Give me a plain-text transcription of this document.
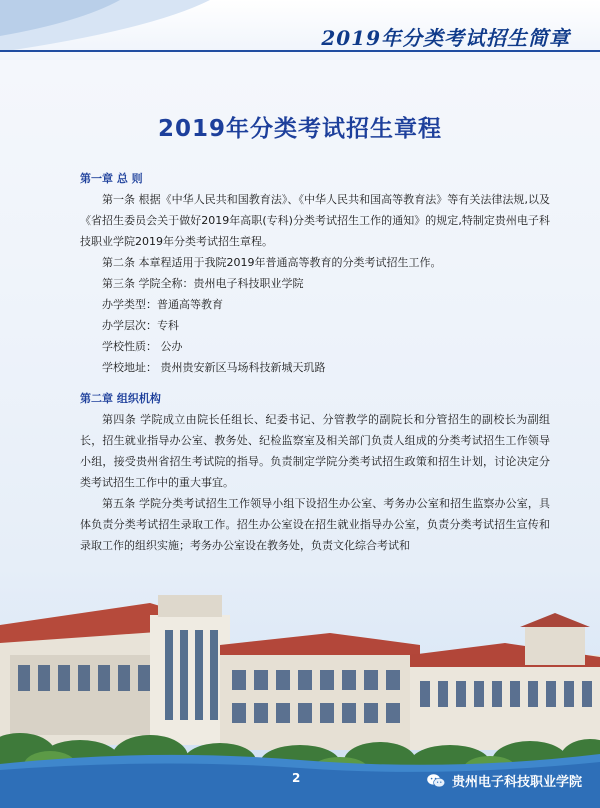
2019年分类考试招生简章
2019年分类考试招生章程

第一章 总 则

第一条 根据《中华人民共和国教育法》、《中华人民共和国高等教育法》等有关法律法规,以及《省招生委员会关于做好2019年高职(专科)分类考试招生工作的通知》的规定,特制定贵州电子科技职业学院2019年分类考试招生章程。

第二条 本章程适用于我院2019年普通高等教育的分类考试招生工作。

第三条 学院全称：贵州电子科技职业学院

办学类型：普通高等教育

办学层次：专科

学校性质： 公办

学校地址： 贵州贵安新区马场科技新城天玑路

第二章 组织机构

第四条 学院成立由院长任组长、纪委书记、分管教学的副院长和分管招生的副校长为副组长，招生就业指导办公室、教务处、纪检监察室及相关部门负责人组成的分类考试招生工作领导小组，接受贵州省招生考试院的指导。负责制定学院分类考试招生政策和招生计划，讨论决定分类考试招生工作中的重大事宜。

第五条 学院分类考试招生工作领导小组下设招生办公室、考务办公室和招生监察办公室，具体负责分类考试招生录取工作。招生办公室设在招生就业指导办公室，负责分类考试招生宣传和录取工作的组织实施；考务办公室设在教务处，负责文化综合考试和

2	贵州电子科技职业学院
